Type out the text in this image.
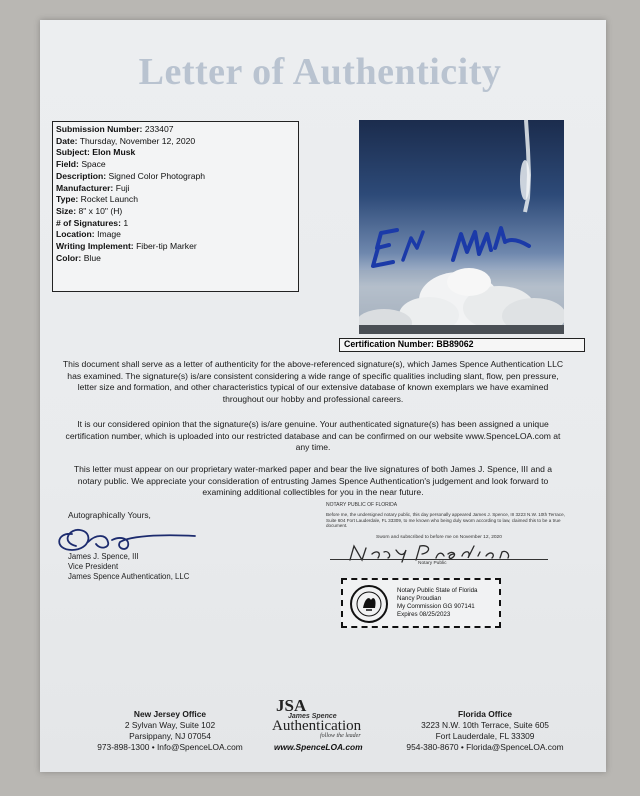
Letter of Authenticity
Submission Number: 233407
Date: Thursday, November 12, 2020
Subject: Elon Musk
Field: Space
Description: Signed Color Photograph
Manufacturer: Fuji
Type: Rocket Launch
Size: 8" x 10" (H)
# of Signatures: 1
Location: Image
Writing Implement: Fiber-tip Marker
Color: Blue
Certification Number: BB89062
This document shall serve as a letter of authenticity for the above-referenced signature(s), which James Spence Authentication LLC has examined. The signature(s) is/are consistent considering a wide range of specific qualities including slant, flow, pen pressure, letter size and formation, and other characteristics typical of our extensive database of known exemplars we have examined throughout our hobby and professional careers.
It is our considered opinion that the signature(s) is/are genuine. Your authenticated signature(s) has been assigned a unique certification number, which is uploaded into our restricted database and can be confirmed on our website www.SpenceLOA.com at any time.
This letter must appear on our proprietary water-marked paper and bear the live signatures of both James J. Spence, III and a notary public. We appreciate your consideration of entrusting James Spence Authentication's judgement and look forward to examining additional collectibles for you in the near future.
Autographically Yours,
James J. Spence, III
Vice President
James Spence Authentication, LLC
NOTARY PUBLIC OF FLORIDA
Before me, the undersigned notary public, this day personally appeared James J. Spence, III 3223 N.W. 10th Terrace, Suite 604 Fort Lauderdale, FL 33309, to me known who being duly sworn according to law, claimed this to be a true document.
Sworn and subscribed to before me on November 12, 2020
Notary Public
Notary Public State of Florida
Nancy Proudian
My Commission GG 907141
Expires 08/25/2023
New Jersey Office
2 Sylvan Way, Suite 102
Parsippany, NJ 07054
973-898-1300 • Info@SpenceLOA.com
JSA
James Spence
Authentication
follow the leader
www.SpenceLOA.com
Florida Office
3223 N.W. 10th Terrace, Suite 605
Fort Lauderdale, FL 33309
954-380-8670 • Florida@SpenceLOA.com
